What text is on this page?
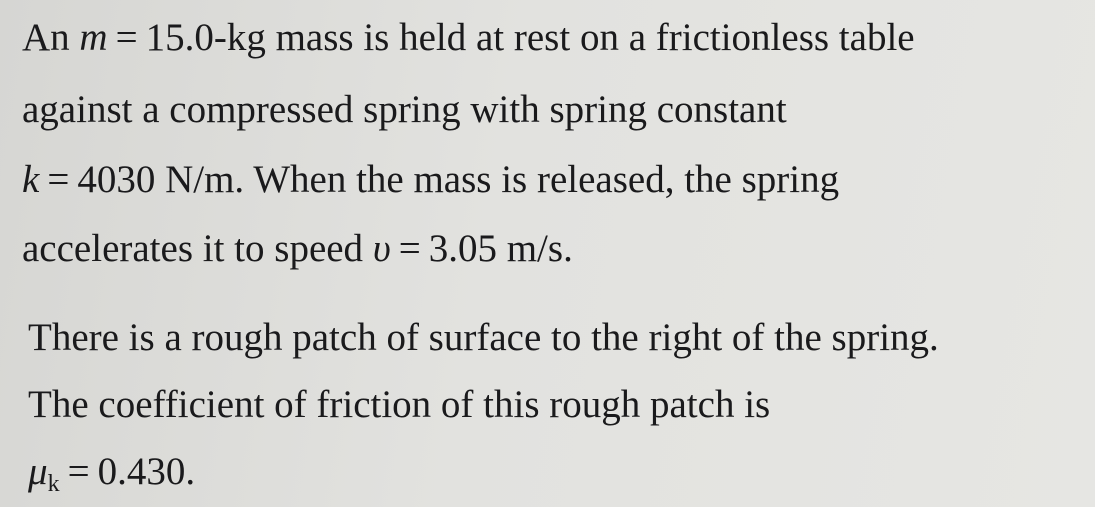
An m = 15.0-kg mass is held at rest on a frictionless table
against a compressed spring with spring constant
k = 4030 N/m. When the mass is released, the spring
accelerates it to speed υ = 3.05 m/s.
There is a rough patch of surface to the right of the spring.
The coefficient of friction of this rough patch is
μk = 0.430.
